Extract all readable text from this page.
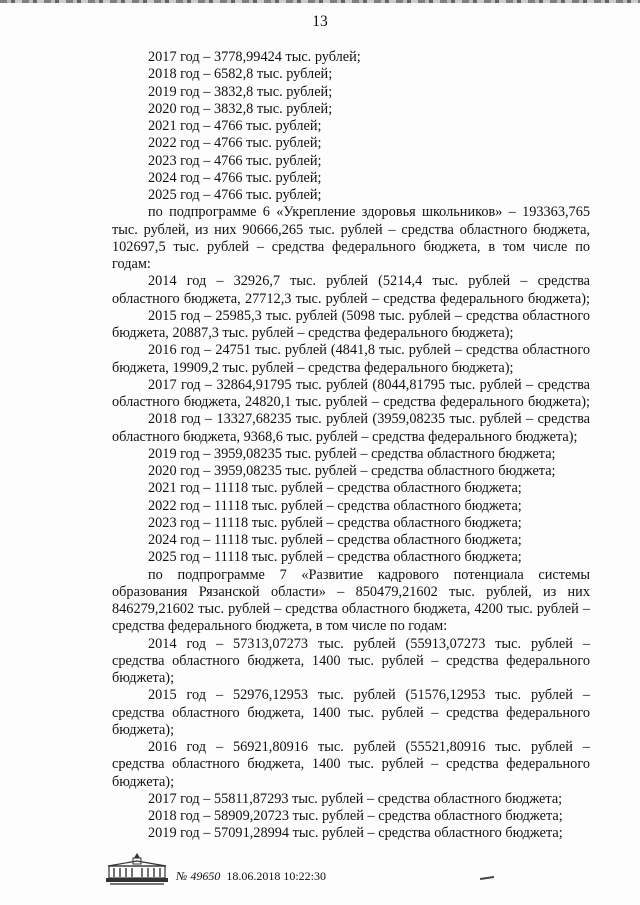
13
2017 год – 3778,99424 тыс. рублей;
2018 год – 6582,8 тыс. рублей;
2019 год – 3832,8 тыс. рублей;
2020 год – 3832,8 тыс. рублей;
2021 год – 4766 тыс. рублей;
2022 год – 4766 тыс. рублей;
2023 год – 4766 тыс. рублей;
2024 год – 4766 тыс. рублей;
2025 год – 4766 тыс. рублей;
по подпрограмме 6 «Укрепление здоровья школьников» – 193363,765
тыс. рублей, из них 90666,265 тыс. рублей – средства областного бюджета,
102697,5 тыс. рублей – средства федерального бюджета, в том числе по
годам:
2014 год – 32926,7 тыс. рублей (5214,4 тыс. рублей – средства
областного бюджета, 27712,3 тыс. рублей – средства федерального бюджета);
2015 год – 25985,3 тыс. рублей (5098 тыс. рублей – средства областного
бюджета, 20887,3 тыс. рублей – средства федерального бюджета);
2016 год – 24751 тыс. рублей (4841,8 тыс. рублей – средства областного
бюджета, 19909,2 тыс. рублей – средства федерального бюджета);
2017 год – 32864,91795 тыс. рублей (8044,81795 тыс. рублей – средства
областного бюджета, 24820,1 тыс. рублей – средства федерального бюджета);
2018 год – 13327,68235 тыс. рублей (3959,08235 тыс. рублей – средства
областного бюджета, 9368,6 тыс. рублей – средства федерального бюджета);
2019 год – 3959,08235 тыс. рублей – средства областного бюджета;
2020 год – 3959,08235 тыс. рублей – средства областного бюджета;
2021 год – 11118 тыс. рублей – средства областного бюджета;
2022 год – 11118 тыс. рублей – средства областного бюджета;
2023 год – 11118 тыс. рублей – средства областного бюджета;
2024 год – 11118 тыс. рублей – средства областного бюджета;
2025 год – 11118 тыс. рублей – средства областного бюджета;
по подпрограмме 7 «Развитие кадрового потенциала системы
образования Рязанской области» – 850479,21602 тыс. рублей, из них
846279,21602 тыс. рублей – средства областного бюджета, 4200 тыс. рублей –
средства федерального бюджета, в том числе по годам:
2014 год – 57313,07273 тыс. рублей (55913,07273 тыс. рублей –
средства областного бюджета, 1400 тыс. рублей – средства федерального
бюджета);
2015 год – 52976,12953 тыс. рублей (51576,12953 тыс. рублей –
средства областного бюджета, 1400 тыс. рублей – средства федерального
бюджета);
2016 год – 56921,80916 тыс. рублей (55521,80916 тыс. рублей –
средства областного бюджета, 1400 тыс. рублей – средства федерального
бюджета);
2017 год – 55811,87293 тыс. рублей – средства областного бюджета;
2018 год – 58909,20723 тыс. рублей – средства областного бюджета;
2019 год – 57091,28994 тыс. рублей – средства областного бюджета;
№ 49650 18.06.2018 10:22:30
